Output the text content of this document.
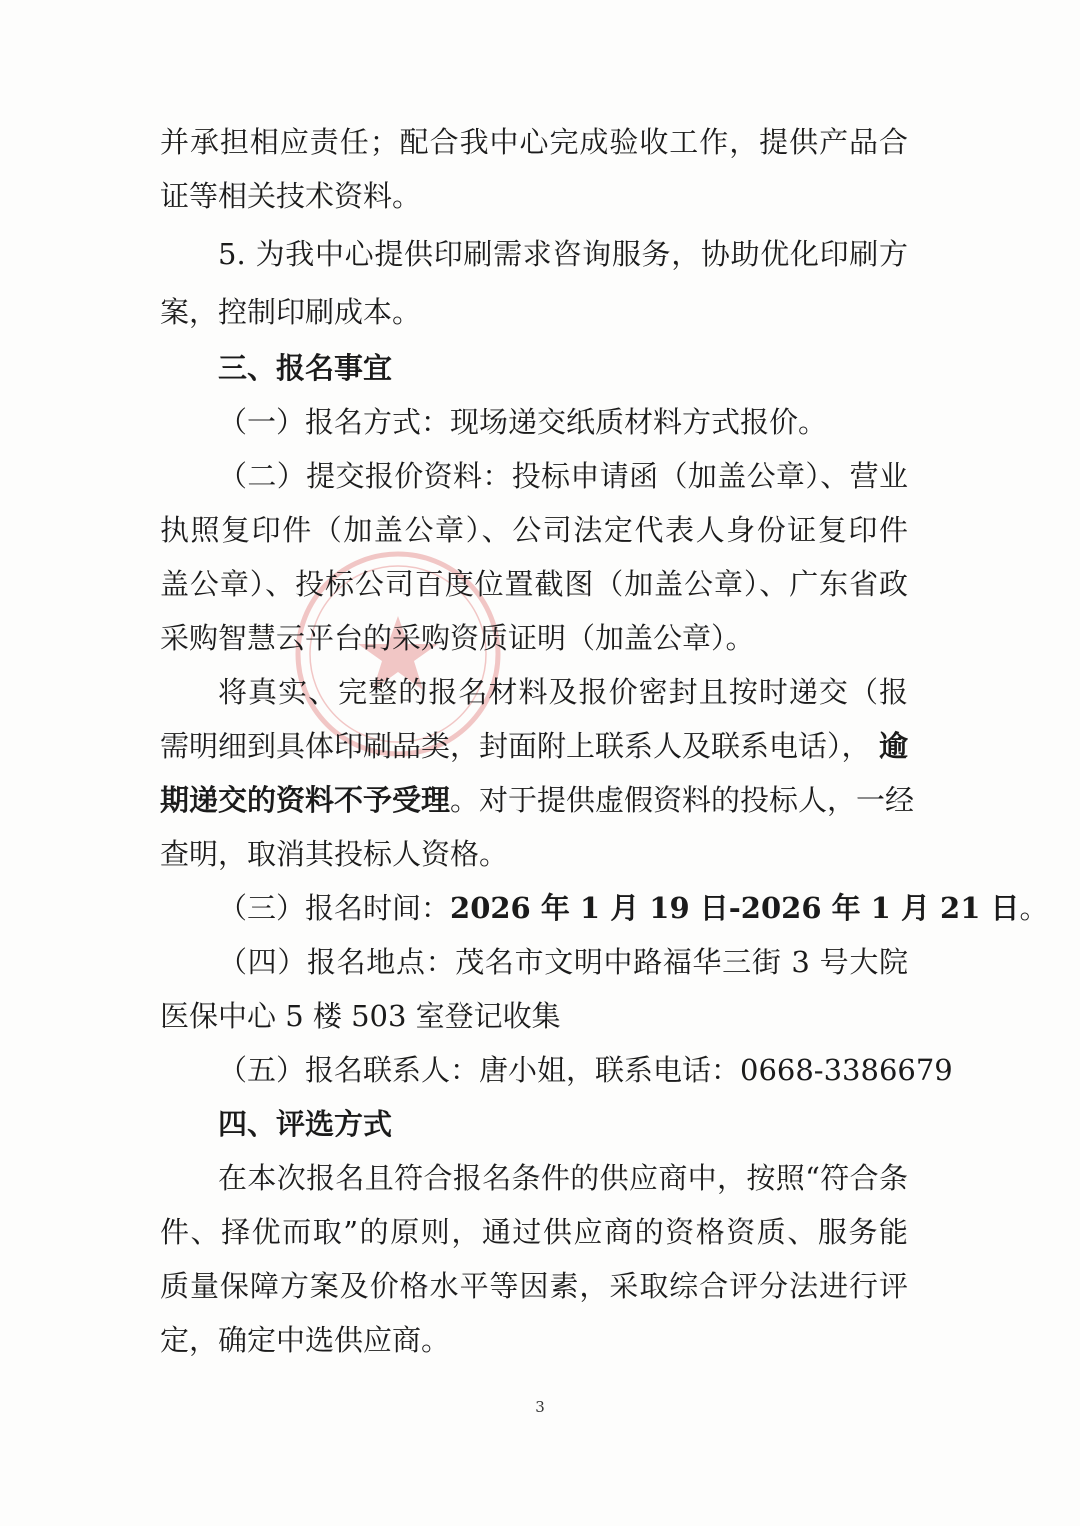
并承担相应责任；配合我中心完成验收工作，提供产品合
证等相关技术资料。
5. 为我中心提供印刷需求咨询服务，协助优化印刷方
案，控制印刷成本。
三、报名事宜
（一）报名方式：现场递交纸质材料方式报价。
（二）提交报价资料：投标申请函（加盖公章）、营业
执照复印件（加盖公章）、公司法定代表人身份证复印件
盖公章）、投标公司百度位置截图（加盖公章）、广东省政
采购智慧云平台的采购资质证明（加盖公章）。
将真实、完整的报名材料及报价密封且按时递交（报
需明细到具体印刷品类，封面附上联系人及联系电话）， 逾
期递交的资料不予受理。对于提供虚假资料的投标人，一经
查明，取消其投标人资格。
（三）报名时间：2026 年 1 月 19 日-2026 年 1 月 21 日。
（四）报名地点：茂名市文明中路福华三街 3 号大院
医保中心 5 楼 503 室登记收集
（五）报名联系人：唐小姐，联系电话：0668-3386679
四、评选方式
在本次报名且符合报名条件的供应商中，按照“符合条
件、择优而取”的原则，通过供应商的资格资质、服务能
质量保障方案及价格水平等因素，采取综合评分法进行评
定，确定中选供应商。
3
